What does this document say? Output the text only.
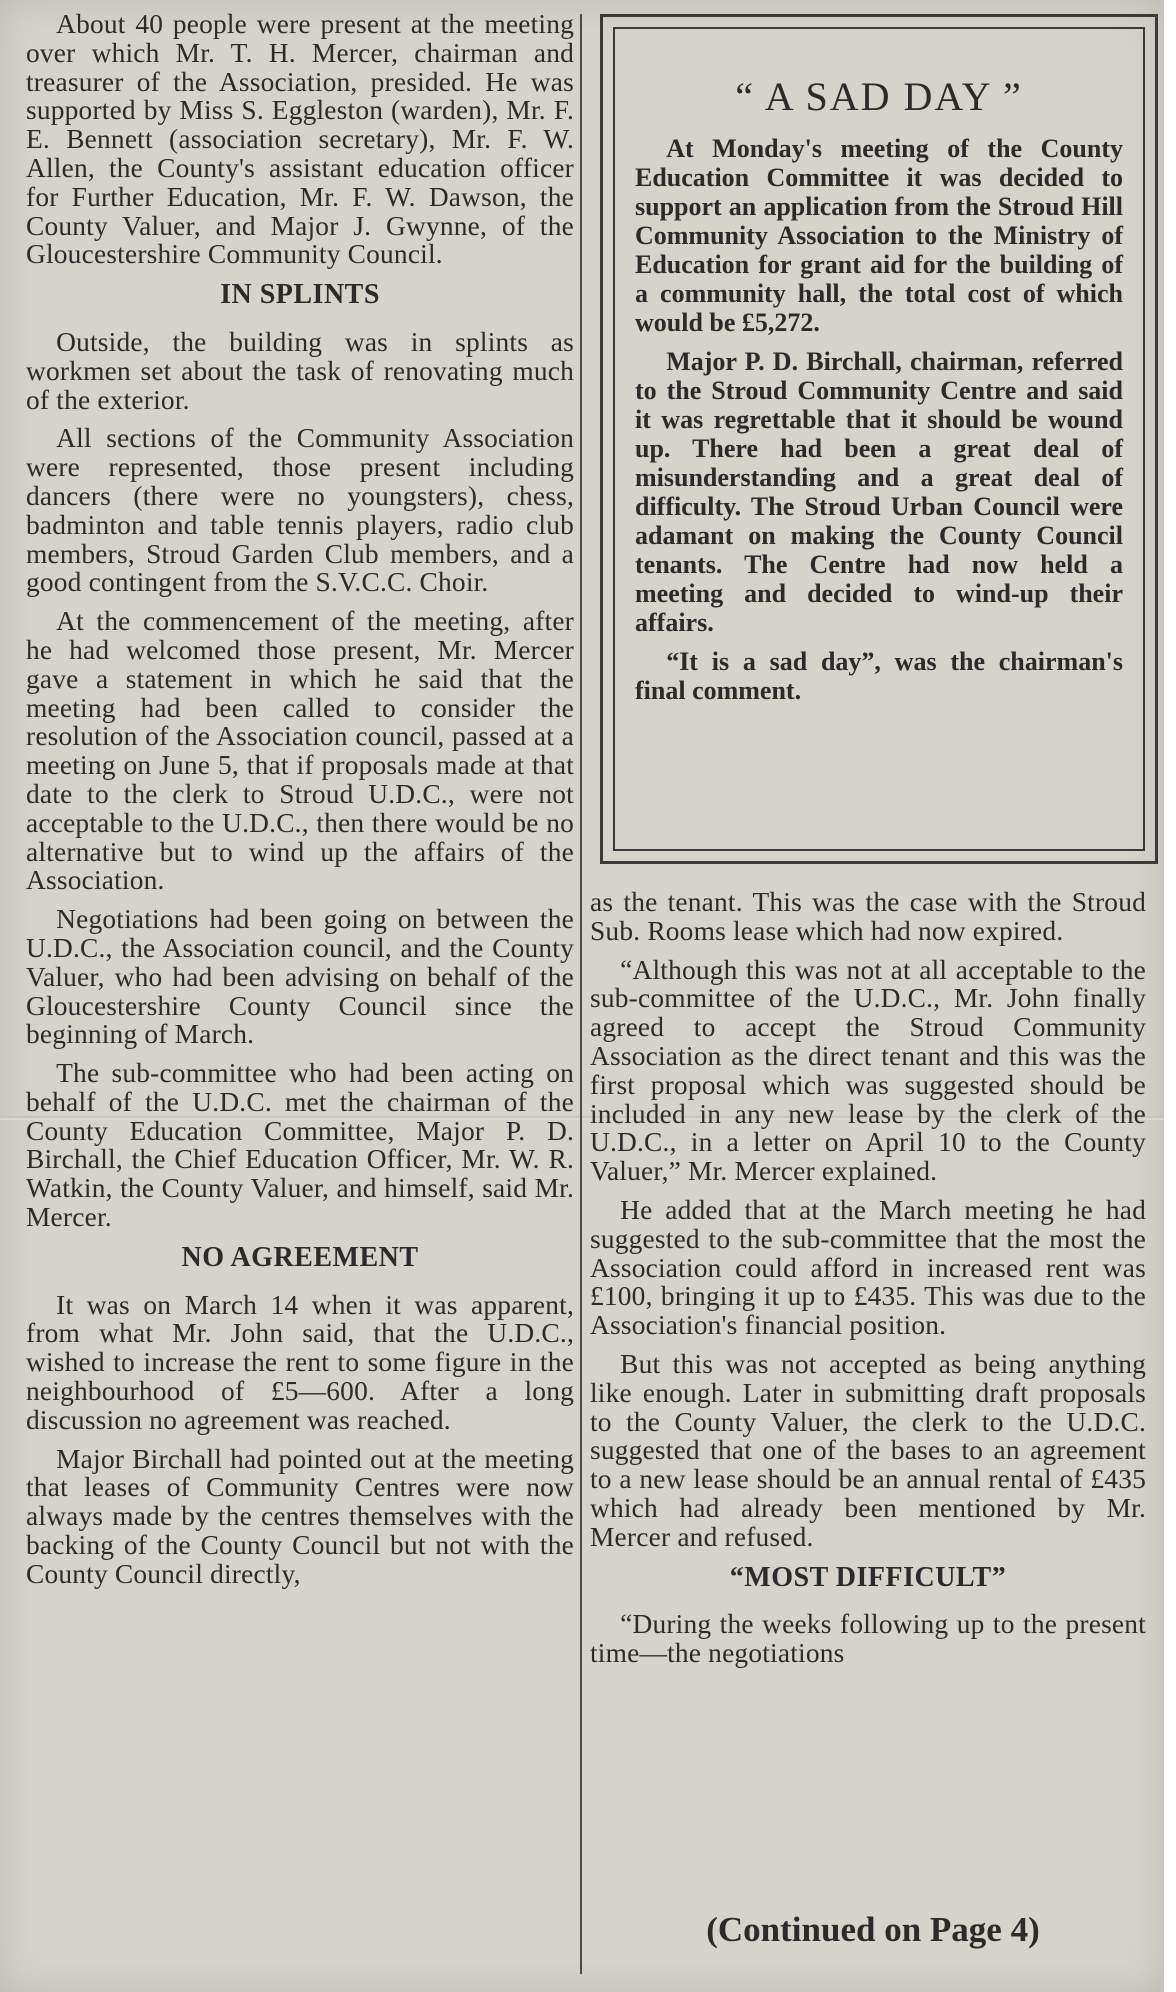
About 40 people were present at the meeting over which Mr. T. H. Mercer, chairman and treasurer of the Association, presided. He was supported by Miss S. Eggleston (warden), Mr. F. E. Bennett (association secretary), Mr. F. W. Allen, the County's assistant education officer for Further Education, Mr. F. W. Dawson, the County Valuer, and Major J. Gwynne, of the Gloucestershire Community Council.

IN SPLINTS

Outside, the building was in splints as workmen set about the task of renovating much of the exterior.

All sections of the Community Association were represented, those present including dancers (there were no youngsters), chess, badminton and table tennis players, radio club members, Stroud Garden Club members, and a good contingent from the S.V.C.C. Choir.

At the commencement of the meeting, after he had welcomed those present, Mr. Mercer gave a statement in which he said that the meeting had been called to consider the resolution of the Association council, passed at a meeting on June 5, that if proposals made at that date to the clerk to Stroud U.D.C., were not acceptable to the U.D.C., then there would be no alternative but to wind up the affairs of the Association.

Negotiations had been going on between the U.D.C., the Association council, and the County Valuer, who had been advising on behalf of the Gloucestershire County Council since the beginning of March.

The sub-committee who had been acting on behalf of the U.D.C. met the chairman of the County Education Committee, Major P. D. Birchall, the Chief Education Officer, Mr. W. R. Watkin, the County Valuer, and himself, said Mr. Mercer.

NO AGREEMENT

It was on March 14 when it was apparent, from what Mr. John said, that the U.D.C., wished to increase the rent to some figure in the neighbourhood of £5—600. After a long discussion no agreement was reached.

Major Birchall had pointed out at the meeting that leases of Community Centres were now always made by the centres themselves with the backing of the County Council but not with the County Council directly,

“ A SAD DAY ”

At Monday's meeting of the County Education Committee it was decided to support an application from the Stroud Hill Community Association to the Ministry of Education for grant aid for the building of a community hall, the total cost of which would be £5,272.

Major P. D. Birchall, chairman, referred to the Stroud Community Centre and said it was regrettable that it should be wound up. There had been a great deal of misunderstanding and a great deal of difficulty. The Stroud Urban Council were adamant on making the County Council tenants. The Centre had now held a meeting and decided to wind-up their affairs.

“It is a sad day”, was the chairman's final comment.

as the tenant. This was the case with the Stroud Sub. Rooms lease which had now expired.

“Although this was not at all acceptable to the sub-committee of the U.D.C., Mr. John finally agreed to accept the Stroud Community Association as the direct tenant and this was the first proposal which was suggested should be included in any new lease by the clerk of the U.D.C., in a letter on April 10 to the County Valuer,” Mr. Mercer explained.

He added that at the March meeting he had suggested to the sub-committee that the most the Association could afford in increased rent was £100, bringing it up to £435. This was due to the Association's financial position.

But this was not accepted as being anything like enough. Later in submitting draft proposals to the County Valuer, the clerk to the U.D.C. suggested that one of the bases to an agreement to a new lease should be an annual rental of £435 which had already been mentioned by Mr. Mercer and refused.

“MOST DIFFICULT”

“During the weeks following up to the present time—the negotiations

(Continued on Page 4)
